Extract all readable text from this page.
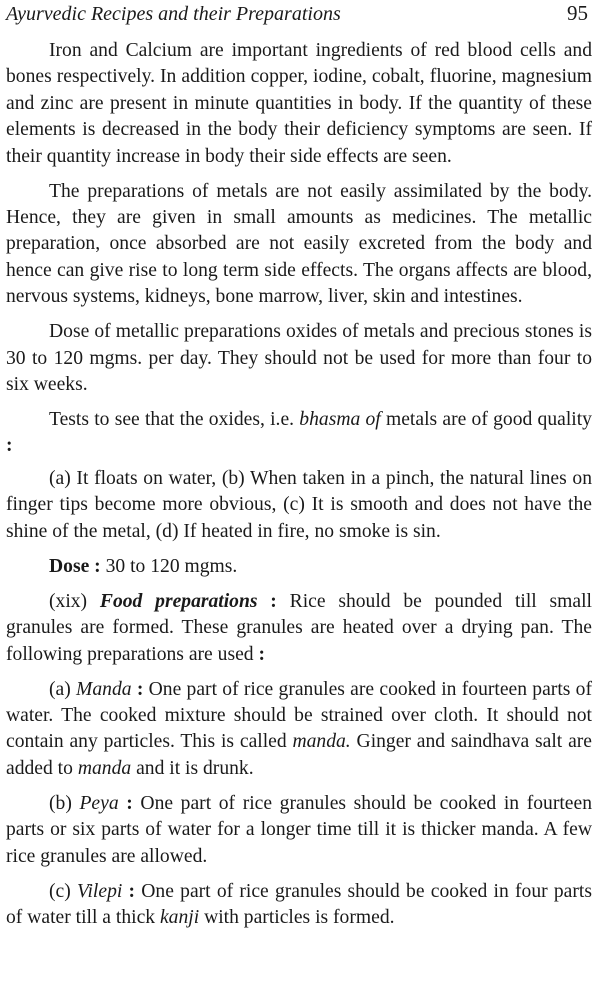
Ayurvedic Recipes and their Preparations	95

Iron and Calcium are important ingredients of red blood cells and bones respectively. In addition copper, iodine, cobalt, fluorine, magnesium and zinc are present in minute quantities in body. If the quantity of these elements is decreased in the body their deficiency symptoms are seen. If their quantity increase in body their side effects are seen.

The preparations of metals are not easily assimilated by the body. Hence, they are given in small amounts as medicines. The metallic preparation, once absorbed are not easily excreted from the body and hence can give rise to long term side effects. The organs affects are blood, nervous systems, kidneys, bone marrow, liver, skin and intestines.

Dose of metallic preparations oxides of metals and precious stones is 30 to 120 mgms. per day. They should not be used for more than four to six weeks.

Tests to see that the oxides, i.e. bhasma of metals are of good quality :

(a) It floats on water, (b) When taken in a pinch, the natural lines on finger tips become more obvious, (c) It is smooth and does not have the shine of the metal, (d) If heated in fire, no smoke is sin.

Dose : 30 to 120 mgms.

(xix) Food preparations : Rice should be pounded till small granules are formed. These granules are heated over a drying pan. The following preparations are used :

(a) Manda : One part of rice granules are cooked in fourteen parts of water. The cooked mixture should be strained over cloth. It should not contain any particles. This is called manda. Ginger and saindhava salt are added to manda and it is drunk.

(b) Peya : One part of rice granules should be cooked in fourteen parts or six parts of water for a longer time till it is thicker manda. A few rice granules are allowed.

(c) Vilepi : One part of rice granules should be cooked in four parts of water till a thick kanji with particles is formed.
